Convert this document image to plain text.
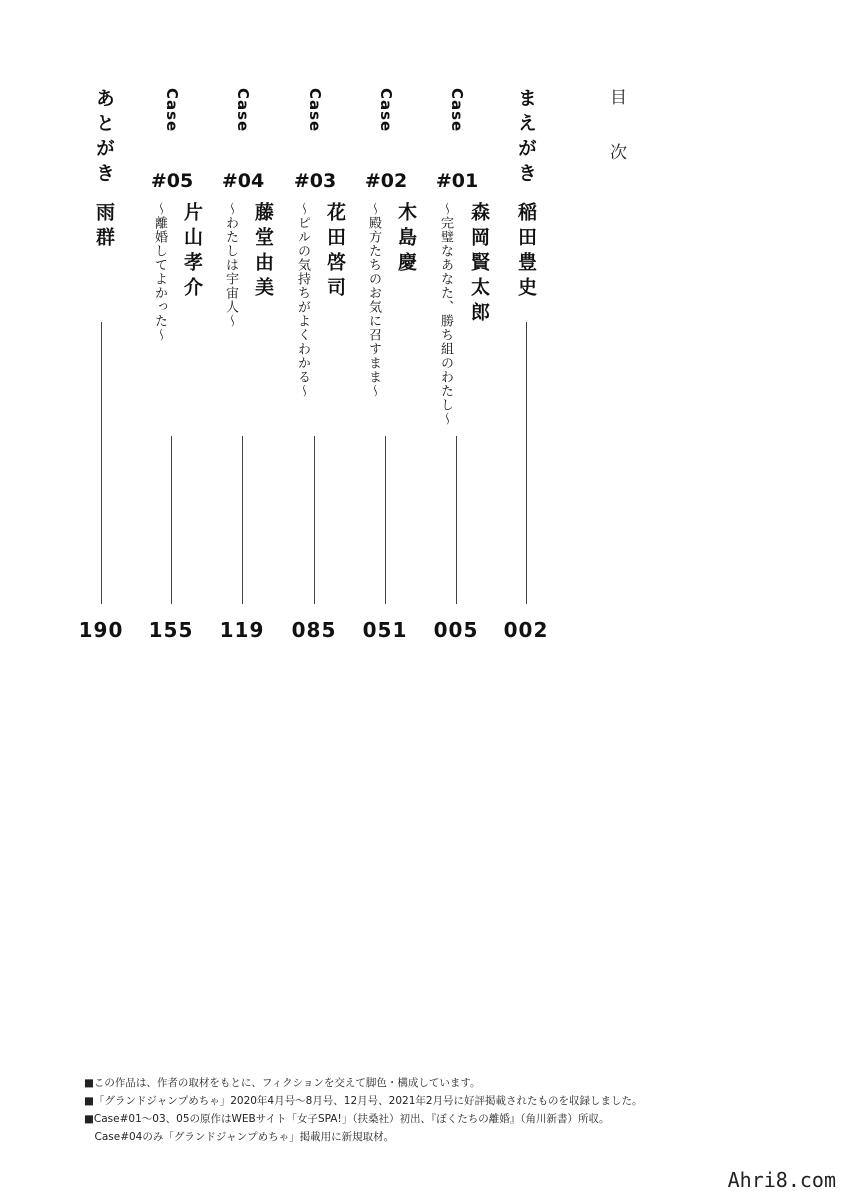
目次
まえがき
稲田豊史
002
Case
#01
森岡賢太郎
〜完璧なあなた、勝ち組のわたし〜
005
Case
#02
木島慶
〜殿方たちのお気に召すまま〜
051
Case
#03
花田啓司
〜ピルの気持ちがよくわかる〜
085
Case
#04
藤堂由美
〜わたしは宇宙人〜
119
Case
#05
片山孝介
〜離婚してよかった〜
155
あとがき
雨群
190
■この作品は、作者の取材をもとに、フィクションを交えて脚色・構成しています。
■「グランドジャンプめちゃ」2020年4月号〜8月号、12月号、2021年2月号に好評掲載されたものを収録しました。
■Case#01〜03、05の原作はWEBサイト「女子SPA!」（扶桑社）初出、『ぼくたちの離婚』（角川新書）所収。
　Case#04のみ「グランドジャンプめちゃ」掲載用に新規取材。
Ahri8.com
